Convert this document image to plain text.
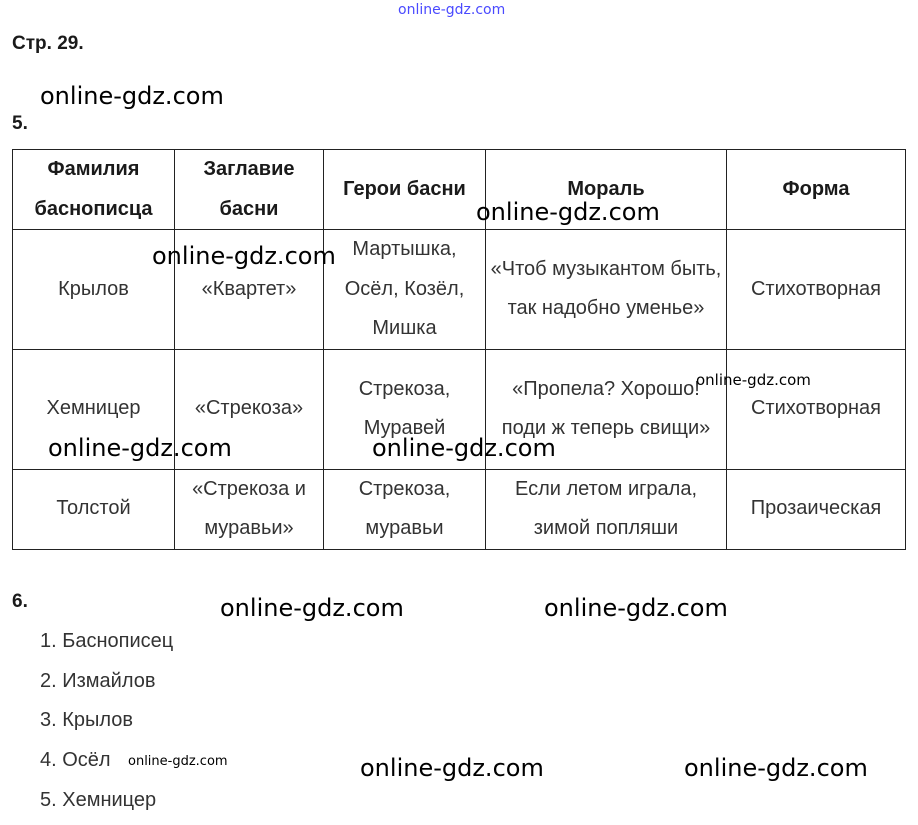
online-gdz.com
online-gdz.com
Стр. 29.
5.
Фамилия баснописца	Заглавие басни	Герои басни	Мораль	Форма
Крылов	«Квартет»	Мартышка, Осёл, Козёл, Мишка	«Чтоб музыкантом быть, так надобно уменье»	Стихотворная
Хемницер	«Стрекоза»	Стрекоза, Муравей	«Пропела? Хорошо! поди ж теперь свищи»	Стихотворная
Толстой	«Стрекоза и муравьи»	Стрекоза, муравьи	Если летом играла, зимой попляши	Прозаическая
online-gdz.com
online-gdz.com
online-gdz.com
online-gdz.com	online-gdz.com
6.	online-gdz.com	online-gdz.com
1. Баснописец
2. Измайлов
3. Крылов
4. Осёл
5. Хемницер
online-gdz.com	online-gdz.com	online-gdz.com
